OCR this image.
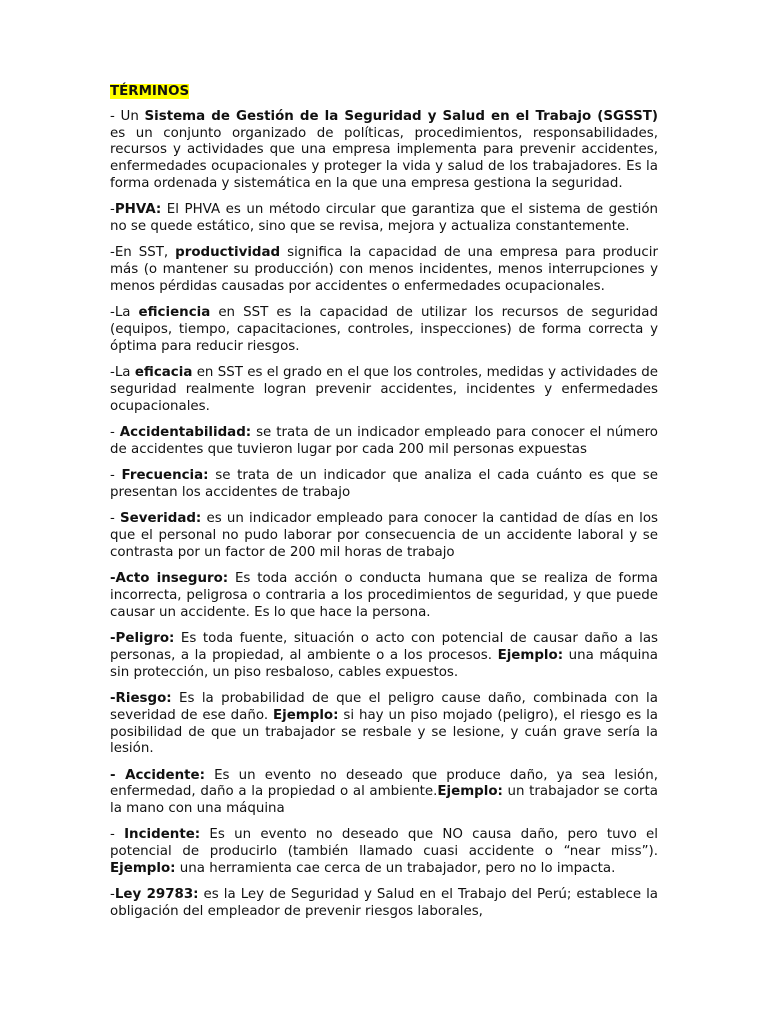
TÉRMINOS

- Un Sistema de Gestión de la Seguridad y Salud en el Trabajo (SGSST) es un conjunto organizado de políticas, procedimientos, responsabilidades, recursos y actividades que una empresa implementa para prevenir accidentes, enfermedades ocupacionales y proteger la vida y salud de los trabajadores. Es la forma ordenada y sistemática en la que una empresa gestiona la seguridad.

-PHVA: El PHVA es un método circular que garantiza que el sistema de gestión no se quede estático, sino que se revisa, mejora y actualiza constantemente.

-En SST, productividad significa la capacidad de una empresa para producir más (o mantener su producción) con menos incidentes, menos interrupciones y menos pérdidas causadas por accidentes o enfermedades ocupacionales.

-La eficiencia en SST es la capacidad de utilizar los recursos de seguridad (equipos, tiempo, capacitaciones, controles, inspecciones) de forma correcta y óptima para reducir riesgos.

-La eficacia en SST es el grado en el que los controles, medidas y actividades de seguridad realmente logran prevenir accidentes, incidentes y enfermedades ocupacionales.

- Accidentabilidad: se trata de un indicador empleado para conocer el número de accidentes que tuvieron lugar por cada 200 mil personas expuestas

- Frecuencia: se trata de un indicador que analiza el cada cuánto es que se presentan los accidentes de trabajo

- Severidad: es un indicador empleado para conocer la cantidad de días en los que el personal no pudo laborar por consecuencia de un accidente laboral y se contrasta por un factor de 200 mil horas de trabajo

-Acto inseguro: Es toda acción o conducta humana que se realiza de forma incorrecta, peligrosa o contraria a los procedimientos de seguridad, y que puede causar un accidente. Es lo que hace la persona.

-Peligro: Es toda fuente, situación o acto con potencial de causar daño a las personas, a la propiedad, al ambiente o a los procesos. Ejemplo: una máquina sin protección, un piso resbaloso, cables expuestos.

-Riesgo: Es la probabilidad de que el peligro cause daño, combinada con la severidad de ese daño. Ejemplo: si hay un piso mojado (peligro), el riesgo es la posibilidad de que un trabajador se resbale y se lesione, y cuán grave sería la lesión.

- Accidente: Es un evento no deseado que produce daño, ya sea lesión, enfermedad, daño a la propiedad o al ambiente.Ejemplo: un trabajador se corta la mano con una máquina

- Incidente: Es un evento no deseado que NO causa daño, pero tuvo el potencial de producirlo (también llamado cuasi accidente o “near miss”). Ejemplo: una herramienta cae cerca de un trabajador, pero no lo impacta.

-Ley 29783: es la Ley de Seguridad y Salud en el Trabajo del Perú; establece la obligación del empleador de prevenir riesgos laborales,
